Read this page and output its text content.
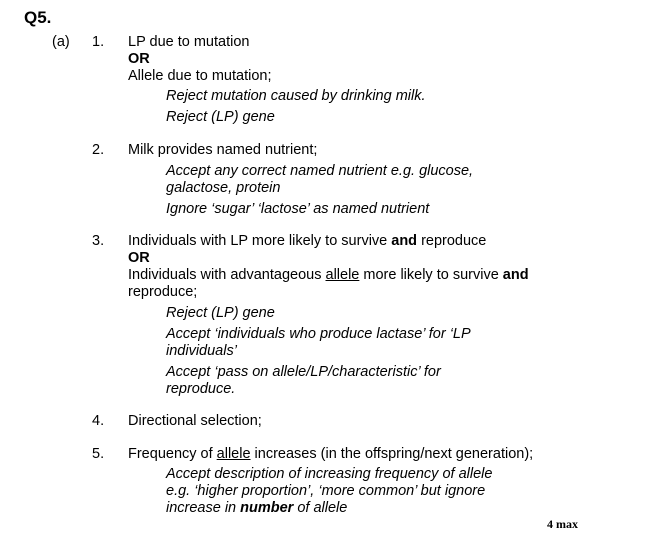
Q5.
(a) 1. LP due to mutation
OR
Allele due to mutation;
Reject mutation caused by drinking milk.
Reject (LP) gene
2. Milk provides named nutrient;
Accept any correct named nutrient e.g. glucose,
galactose, protein
Ignore ‘sugar’ ‘lactose’ as named nutrient
3. Individuals with LP more likely to survive and reproduce
OR
Individuals with advantageous allele more likely to survive and
reproduce;
Reject (LP) gene
Accept ‘individuals who produce lactase’ for ‘LP
individuals’
Accept ‘pass on allele/LP/characteristic’ for
reproduce.
4. Directional selection;
5. Frequency of allele increases (in the offspring/next generation);
Accept description of increasing frequency of allele
e.g. ‘higher proportion’, ‘more common’ but ignore
increase in number of allele
4 max
